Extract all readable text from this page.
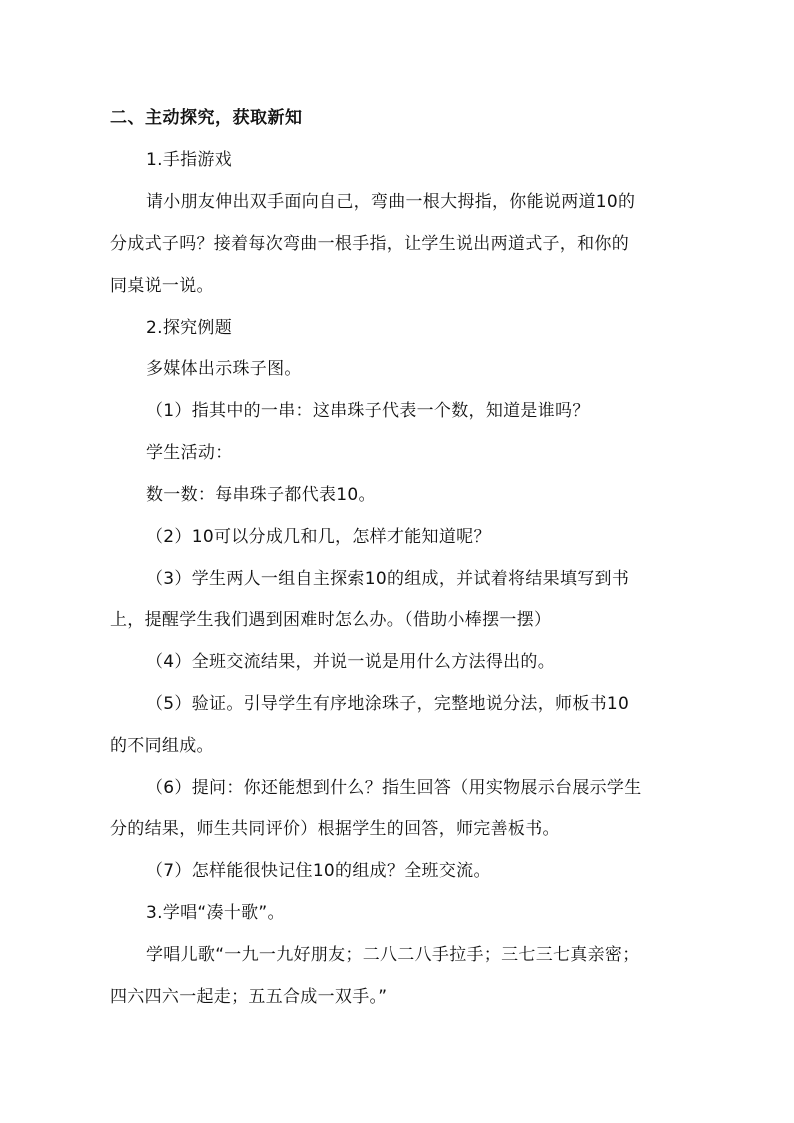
二、主动探究，获取新知
1.手指游戏
请小朋友伸出双手面向自己，弯曲一根大拇指，你能说两道10的
分成式子吗？接着每次弯曲一根手指，让学生说出两道式子，和你的
同桌说一说。
2.探究例题
多媒体出示珠子图。
（1）指其中的一串：这串珠子代表一个数，知道是谁吗？
学生活动：
数一数：每串珠子都代表10。
（2）10可以分成几和几，怎样才能知道呢？
（3）学生两人一组自主探索10的组成，并试着将结果填写到书
上，提醒学生我们遇到困难时怎么办。（借助小棒摆一摆）
（4）全班交流结果，并说一说是用什么方法得出的。
（5）验证。引导学生有序地涂珠子，完整地说分法，师板书10
的不同组成。
（6）提问：你还能想到什么？指生回答（用实物展示台展示学生
分的结果，师生共同评价）根据学生的回答，师完善板书。
（7）怎样能很快记住10的组成？全班交流。
3.学唱“凑十歌”。
学唱儿歌“一九一九好朋友；二八二八手拉手；三七三七真亲密；
四六四六一起走；五五合成一双手。”
